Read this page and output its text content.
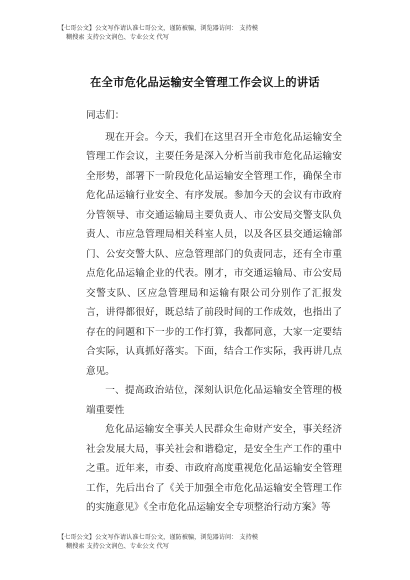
【七哥公文】公文写作请认准七哥公文，谨防被骗，浏览器访问： 支持模
糊搜索 支持公文润色、专业公文 代写
在全市危化品运输安全管理工作会议上的讲话

同志们：

现在开会。今天，我们在这里召开全市危化品运输安全管理工作会议，主要任务是深入分析当前我市危化品运输安全形势，部署下一阶段危化品运输安全管理工作，确保全市危化品运输行业安全、有序发展。参加今天的会议有市政府分管领导、市交通运输局主要负责人、市公安局交警支队负责人、市应急管理局相关科室人员，以及各区县交通运输部门、公安交警大队、应急管理部门的负责同志，还有全市重点危化品运输企业的代表。刚才，市交通运输局、市公安局交警支队、区应急管理局和运输有限公司分别作了汇报发言，讲得都很好，既总结了前段时间的工作成效，也指出了存在的问题和下一步的工作打算，我都同意，大家一定要结合实际，认真抓好落实。下面，结合工作实际，我再讲几点意见。

一、提高政治站位，深刻认识危化品运输安全管理的极端重要性

危化品运输安全事关人民群众生命财产安全，事关经济社会发展大局，事关社会和谐稳定，是安全生产工作的重中之重。近年来，市委、市政府高度重视危化品运输安全管理工作，先后出台了《关于加强全市危化品运输安全管理工作的实施意见》《全市危化品运输安全专项整治行动方案》等

【七哥公文】公文写作请认准七哥公文，谨防被骗，浏览器访问： 支持模
糊搜索 支持公文润色、专业公文 代写
